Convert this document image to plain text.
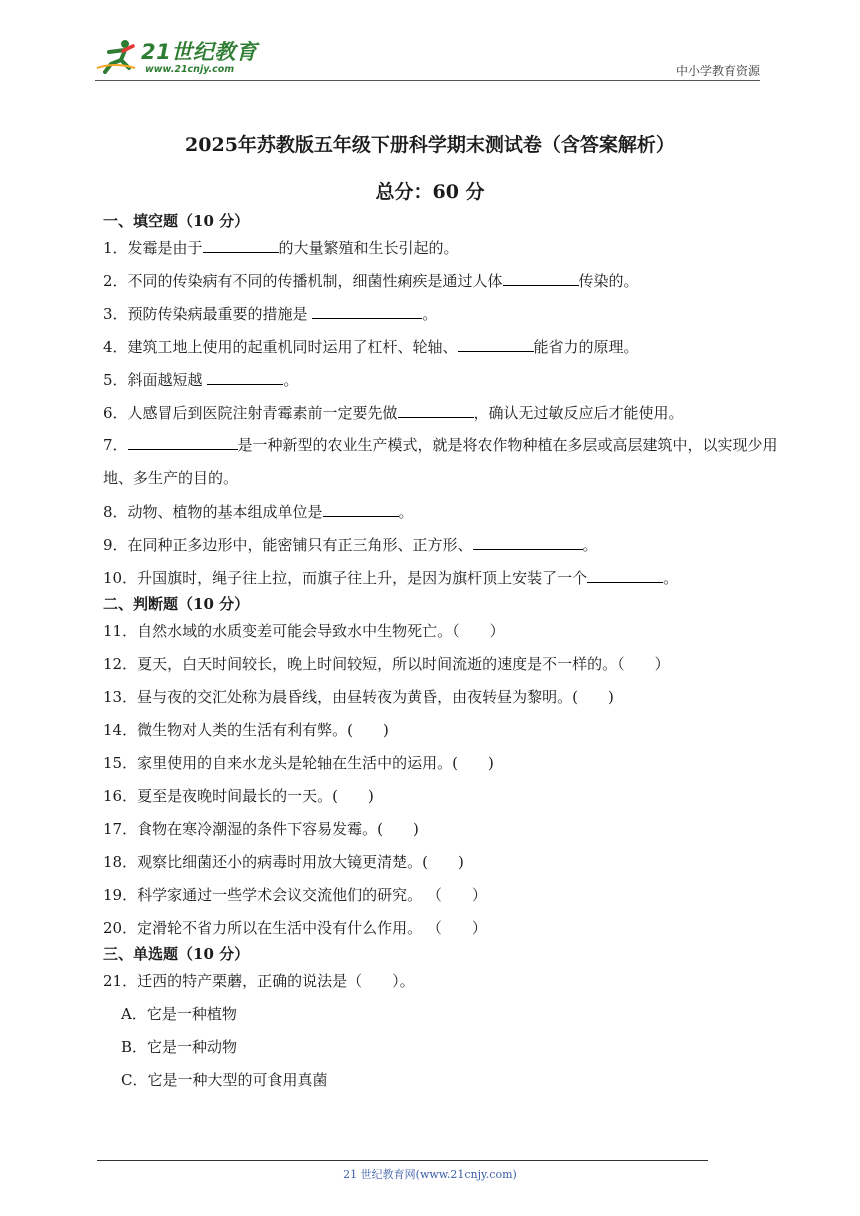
21世纪教育
www.21cnjy.com	中小学教育资源
2025年苏教版五年级下册科学期末测试卷（含答案解析）
总分：60 分
一、填空题（10 分）
1．发霉是由于	的大量繁殖和生长引起的。
2．不同的传染病有不同的传播机制，细菌性痢疾是通过人体	传染的。
3．预防传染病最重要的措施是	。
4．建筑工地上使用的起重机同时运用了杠杆、轮轴、	能省力的原理。
5．斜面越短越	。
6．人感冒后到医院注射青霉素前一定要先做	，确认无过敏反应后才能使用。
7．	是一种新型的农业生产模式，就是将农作物种植在多层或高层建筑中，以实现少用地、多生产的目的。
8．动物、植物的基本组成单位是	。
9．在同种正多边形中，能密铺只有正三角形、正方形、	。
10．升国旗时，绳子往上拉，而旗子往上升，是因为旗杆顶上安装了一个	。
二、判断题（10 分）
11．自然水域的水质变差可能会导致水中生物死亡。（　　）
12．夏天，白天时间较长，晚上时间较短，所以时间流逝的速度是不一样的。（　　）
13．昼与夜的交汇处称为晨昏线，由昼转夜为黄昏，由夜转昼为黎明。(　　)
14．微生物对人类的生活有利有弊。(　　)
15．家里使用的自来水龙头是轮轴在生活中的运用。(　　)
16．夏至是夜晚时间最长的一天。(　　)
17．食物在寒冷潮湿的条件下容易发霉。(　　)
18．观察比细菌还小的病毒时用放大镜更清楚。(　　)
19．科学家通过一些学术会议交流他们的研究。 （　　）
20．定滑轮不省力所以在生活中没有什么作用。 （　　）
三、单选题（10 分）
21．迁西的特产栗蘑，正确的说法是（　　）。
A．它是一种植物
B．它是一种动物
C．它是一种大型的可食用真菌
21 世纪教育网(www.21cnjy.com)
